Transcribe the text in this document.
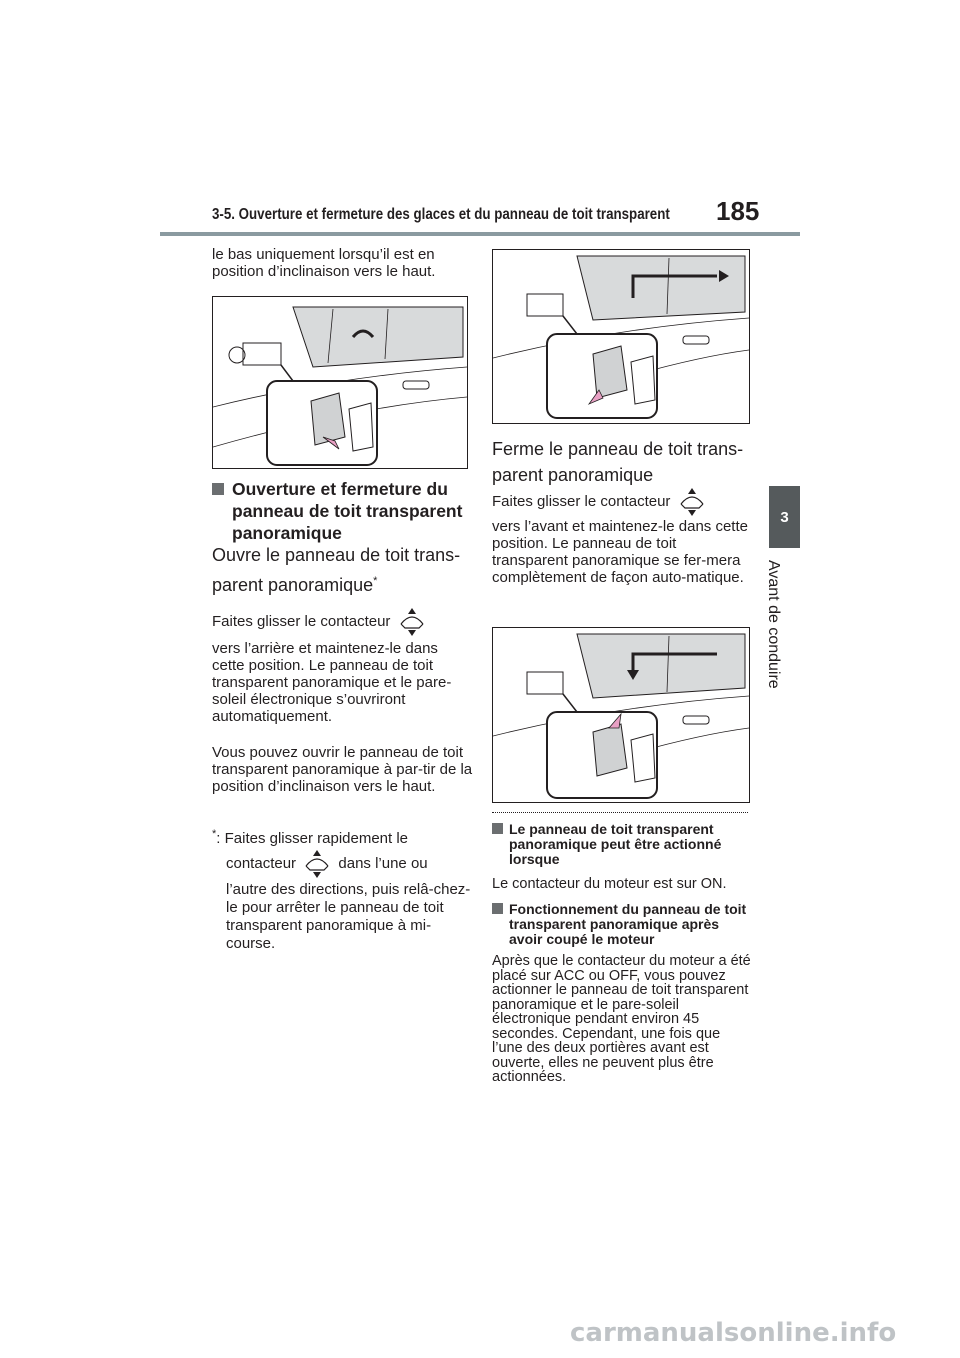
3-5. Ouverture et fermeture des glaces et du panneau de toit transparent 185
3
Avant de conduire

le bas uniquement lorsqu’il est en position d’inclinaison vers le haut.

Ouverture et fermeture du panneau de toit transparent panoramique
Ouvre le panneau de toit trans-
parent panoramique*
Faites glisser le contacteur
vers l’arrière et maintenez-le dans cette position. Le panneau de toit transparent panoramique et le pare-soleil électronique s’ouvriront automatiquement.
Vous pouvez ouvrir le panneau de toit transparent panoramique à par-tir de la position d’inclinaison vers le haut.
*: Faites glisser rapidement le
contacteur	dans l’une ou
l’autre des directions, puis relâ-chez-le pour arrêter le panneau de toit transparent panoramique à mi-course.
Ferme le panneau de toit trans-
parent panoramique
Faites glisser le contacteur
vers l’avant et maintenez-le dans cette position. Le panneau de toit transparent panoramique se fer-mera complètement de façon auto-matique.
Le panneau de toit transparent panoramique peut être actionné lorsque
Le contacteur du moteur est sur ON.
Fonctionnement du panneau de toit transparent panoramique après avoir coupé le moteur
Après que le contacteur du moteur a été placé sur ACC ou OFF, vous pouvez actionner le panneau de toit transparent panoramique et le pare-soleil électronique pendant environ 45 secondes. Cependant, une fois que l’une des deux portières avant est ouverte, elles ne peuvent plus être actionnées.
carmanualsonline.info
